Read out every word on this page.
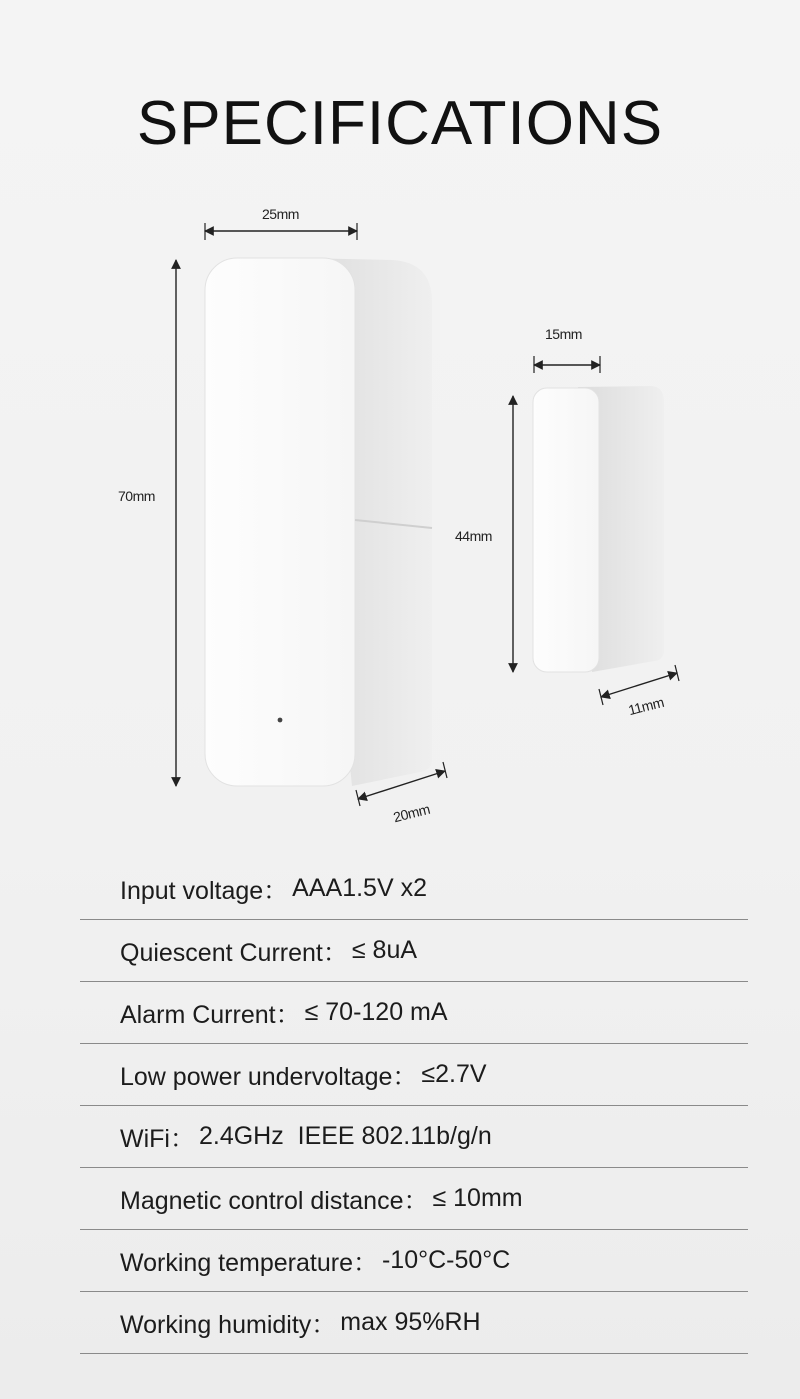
SPECIFICATIONS
25mm
70mm
20mm
15mm
44mm
11mm
Input voltage： AAA1.5V x2
Quiescent Current： ≤ 8uA
Alarm Current： ≤ 70-120 mA
Low power undervoltage： ≤2.7V
WiFi： 2.4GHz  IEEE 802.11b/g/n
Magnetic control distance： ≤ 10mm
Working temperature： -10°C-50°C
Working humidity： max 95%RH
